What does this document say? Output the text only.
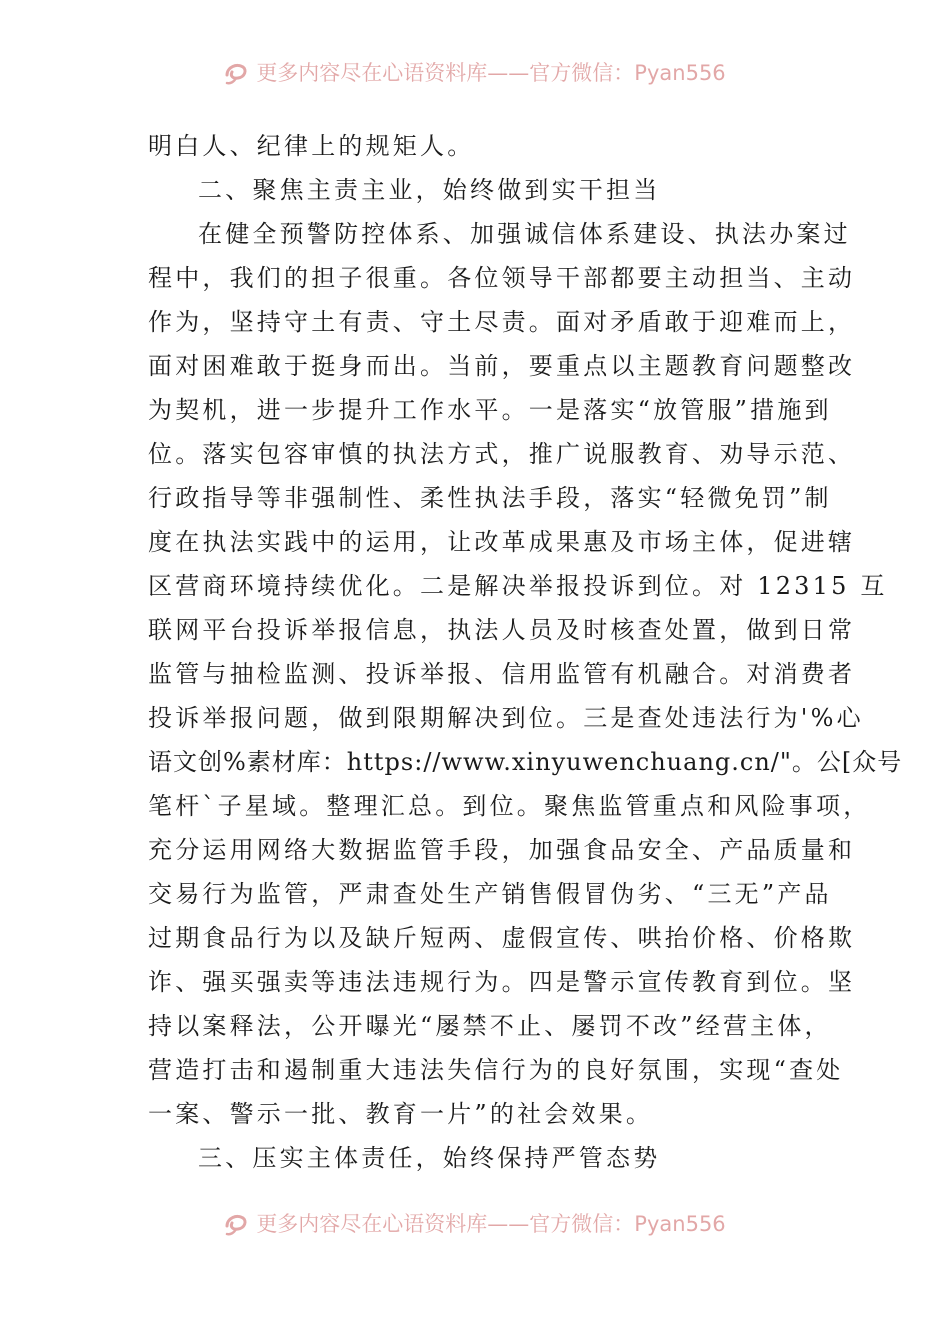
更多内容尽在心语资料库——官方微信：Pyan556
明白人、纪律上的规矩人。
二、聚焦主责主业，始终做到实干担当
在健全预警防控体系、加强诚信体系建设、执法办案过
程中，我们的担子很重。各位领导干部都要主动担当、主动
作为，坚持守土有责、守土尽责。面对矛盾敢于迎难而上，
面对困难敢于挺身而出。当前，要重点以主题教育问题整改
为契机，进一步提升工作水平。一是落实“放管服”措施到
位。落实包容审慎的执法方式，推广说服教育、劝导示范、
行政指导等非强制性、柔性执法手段，落实“轻微免罚”制
度在执法实践中的运用，让改革成果惠及市场主体，促进辖
区营商环境持续优化。二是解决举报投诉到位。对 12315 互
联网平台投诉举报信息，执法人员及时核查处置，做到日常
监管与抽检监测、投诉举报、信用监管有机融合。对消费者
投诉举报问题，做到限期解决到位。三是查处违法行为'%心
语文创%素材库：https://www.xinyuwenchuang.cn/"。公[众号
笔杆`子星域。整理汇总。到位。聚焦监管重点和风险事项，
充分运用网络大数据监管手段，加强食品安全、产品质量和
交易行为监管，严肃查处生产销售假冒伪劣、“三无”产品
过期食品行为以及缺斤短两、虚假宣传、哄抬价格、价格欺
诈、强买强卖等违法违规行为。四是警示宣传教育到位。坚
持以案释法，公开曝光“屡禁不止、屡罚不改”经营主体，
营造打击和遏制重大违法失信行为的良好氛围，实现“查处
一案、警示一批、教育一片”的社会效果。
三、压实主体责任，始终保持严管态势
更多内容尽在心语资料库——官方微信：Pyan556
